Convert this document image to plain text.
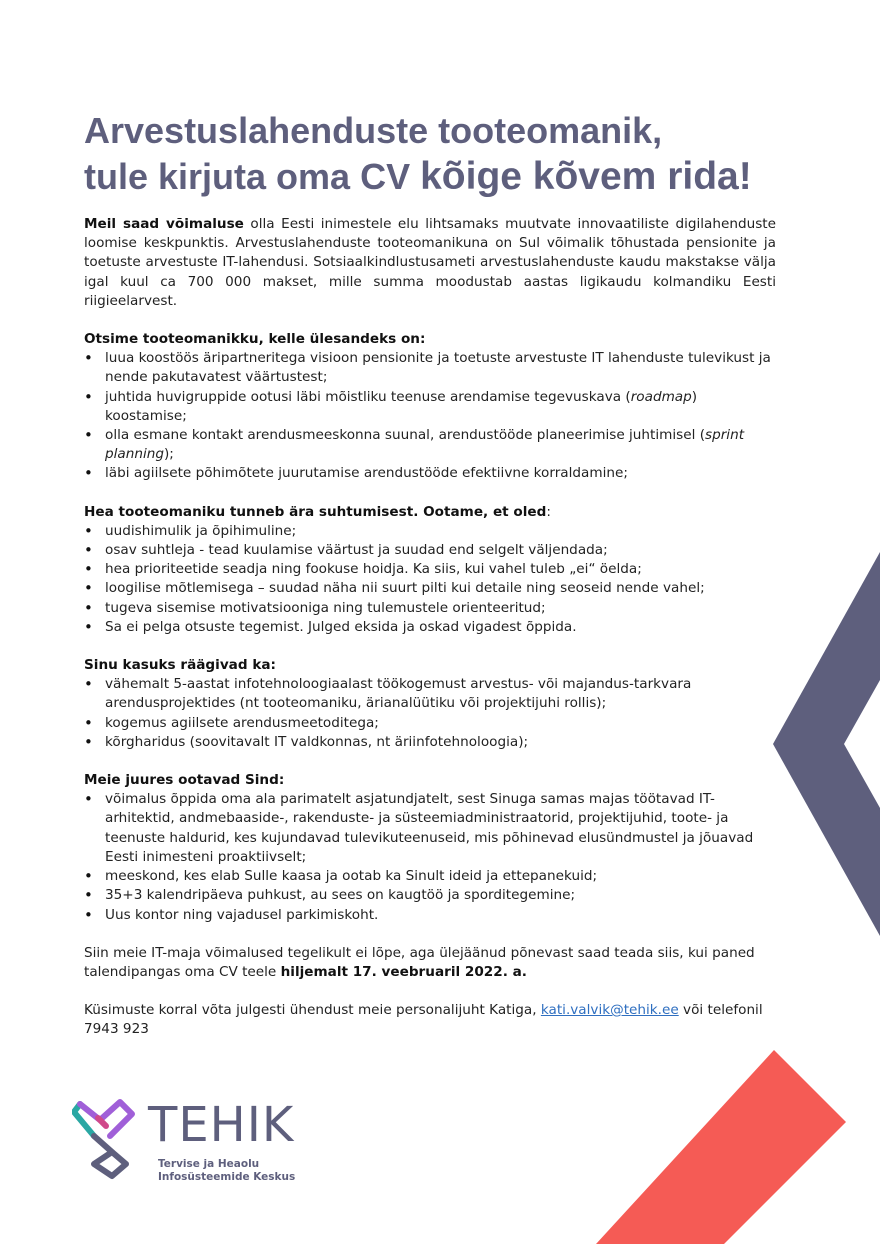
Arvestuslahenduste tooteomanik,
tule kirjuta oma CV kõige kõvem rida!

Meil saad võimaluse olla Eesti inimestele elu lihtsamaks muutvate innovaatiliste digilahenduste loomise keskpunktis. Arvestuslahenduste tooteomanikuna on Sul võimalik tõhustada pensionite ja toetuste arvestuste IT-lahendusi. Sotsiaalkindlustusameti arvestuslahenduste kaudu makstakse välja igal kuul ca 700 000 makset, mille summa moodustab aastas ligikaudu kolmandiku Eesti riigieelarvest.

Otsime tooteomanikku, kelle ülesandeks on:

• luua koostöös äripartneritega visioon pensionite ja toetuste arvestuste IT lahenduste tulevikust ja nende pakutavatest väärtustest;
• juhtida huvigruppide ootusi läbi mõistliku teenuse arendamise tegevuskava (roadmap) koostamise;
• olla esmane kontakt arendusmeeskonna suunal, arendustööde planeerimise juhtimisel (sprint planning);
• läbi agiilsete põhimõtete juurutamise arendustööde efektiivne korraldamine;

Hea tooteomaniku tunneb ära suhtumisest. Ootame, et oled:

• uudishimulik ja õpihimuline;
• osav suhtleja - tead kuulamise väärtust ja suudad end selgelt väljendada;
• hea prioriteetide seadja ning fookuse hoidja. Ka siis, kui vahel tuleb „ei“ öelda;
• loogilise mõtlemisega – suudad näha nii suurt pilti kui detaile ning seoseid nende vahel;
• tugeva sisemise motivatsiooniga ning tulemustele orienteeritud;
• Sa ei pelga otsuste tegemist. Julged eksida ja oskad vigadest õppida.

Sinu kasuks räägivad ka:

• vähemalt 5-aastat infotehnoloogiaalast töökogemust arvestus- või majandus-tarkvara arendusprojektides (nt tooteomaniku, ärianalüütiku või projektijuhi rollis);
• kogemus agiilsete arendusmeetoditega;
• kõrgharidus (soovitavalt IT valdkonnas, nt äriinfotehnoloogia);

Meie juures ootavad Sind:

• võimalus õppida oma ala parimatelt asjatundjatelt, sest Sinuga samas majas töötavad IT-arhitektid, andmebaaside-, rakenduste- ja süsteemiadministraatorid, projektijuhid, toote- ja teenuste haldurid, kes kujundavad tulevikuteenuseid, mis põhinevad elusündmustel ja jõuavad Eesti inimesteni proaktiivselt;
• meeskond, kes elab Sulle kaasa ja ootab ka Sinult ideid ja ettepanekuid;
• 35+3 kalendripäeva puhkust, au sees on kaugtöö ja sporditegemine;
• Uus kontor ning vajadusel parkimiskoht.

Siin meie IT-maja võimalused tegelikult ei lõpe, aga ülejäänud põnevast saad teada siis, kui paned talendipangas oma CV teele hiljemalt 17. veebruaril 2022. a.

Küsimuste korral võta julgesti ühendust meie personalijuht Katiga, kati.valvik@tehik.ee või telefonil 7943 923

TEHIK
Tervise ja Heaolu
Infosüsteemide Keskus
